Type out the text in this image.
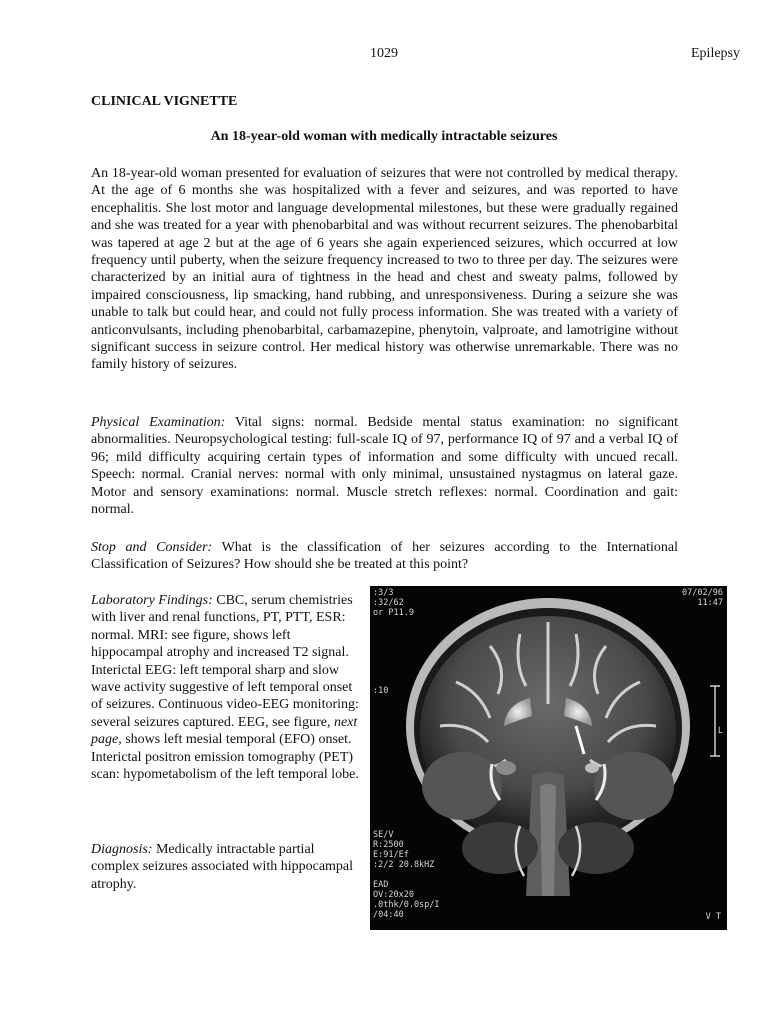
1029	Epilepsy
CLINICAL VIGNETTE
An 18-year-old woman with medically intractable seizures

An 18-year-old woman presented for evaluation of seizures that were not controlled by medical therapy. At the age of 6 months she was hospitalized with a fever and seizures, and was reported to have encephalitis. She lost motor and language developmental milestones, but these were gradually regained and she was treated for a year with phenobarbital and was without recurrent seizures. The phenobarbital was tapered at age 2 but at the age of 6 years she again experienced seizures, which occurred at low frequency until puberty, when the seizure frequency increased to two to three per day. The seizures were characterized by an initial aura of tightness in the head and chest and sweaty palms, followed by impaired consciousness, lip smacking, hand rubbing, and unresponsiveness. During a seizure she was unable to talk but could hear, and could not fully process information. She was treated with a variety of anticonvulsants, including phenobarbital, carbamazepine, phenytoin, valproate, and lamotrigine without significant success in seizure control. Her medical history was otherwise unremarkable. There was no family history of seizures.

Physical Examination: Vital signs: normal. Bedside mental status examination: no significant abnormalities. Neuropsychological testing: full-scale IQ of 97, performance IQ of 97 and a verbal IQ of 96; mild difficulty acquiring certain types of information and some difficulty with uncued recall. Speech: normal. Cranial nerves: normal with only minimal, unsustained nystagmus on lateral gaze. Motor and sensory examinations: normal. Muscle stretch reflexes: normal. Coordination and gait: normal.

Stop and Consider: What is the classification of her seizures according to the International Classification of Seizures? How should she be treated at this point?

Laboratory Findings: CBC, serum chemistries with liver and renal functions, PT, PTT, ESR: normal. MRI: see figure, shows left hippocampal atrophy and increased T2 signal. Interictal EEG: left temporal sharp and slow wave activity suggestive of left temporal onset of seizures. Continuous video-EEG monitoring: several seizures captured. EEG, see figure, next page, shows left mesial temporal (EFO) onset. Interictal positron emission tomography (PET) scan: hypometabolism of the left temporal lobe.

Diagnosis: Medically intractable partial complex seizures associated with hippocampal atrophy.

:3/3
:32/62
or P11.9
07/02/96
11:47
:10
L
SE/V
R:2500
E:91/Ef
:2/2 20.8kHZ

EAD
OV:20x20
.0thk/0.0sp/I
/04:40	V T
